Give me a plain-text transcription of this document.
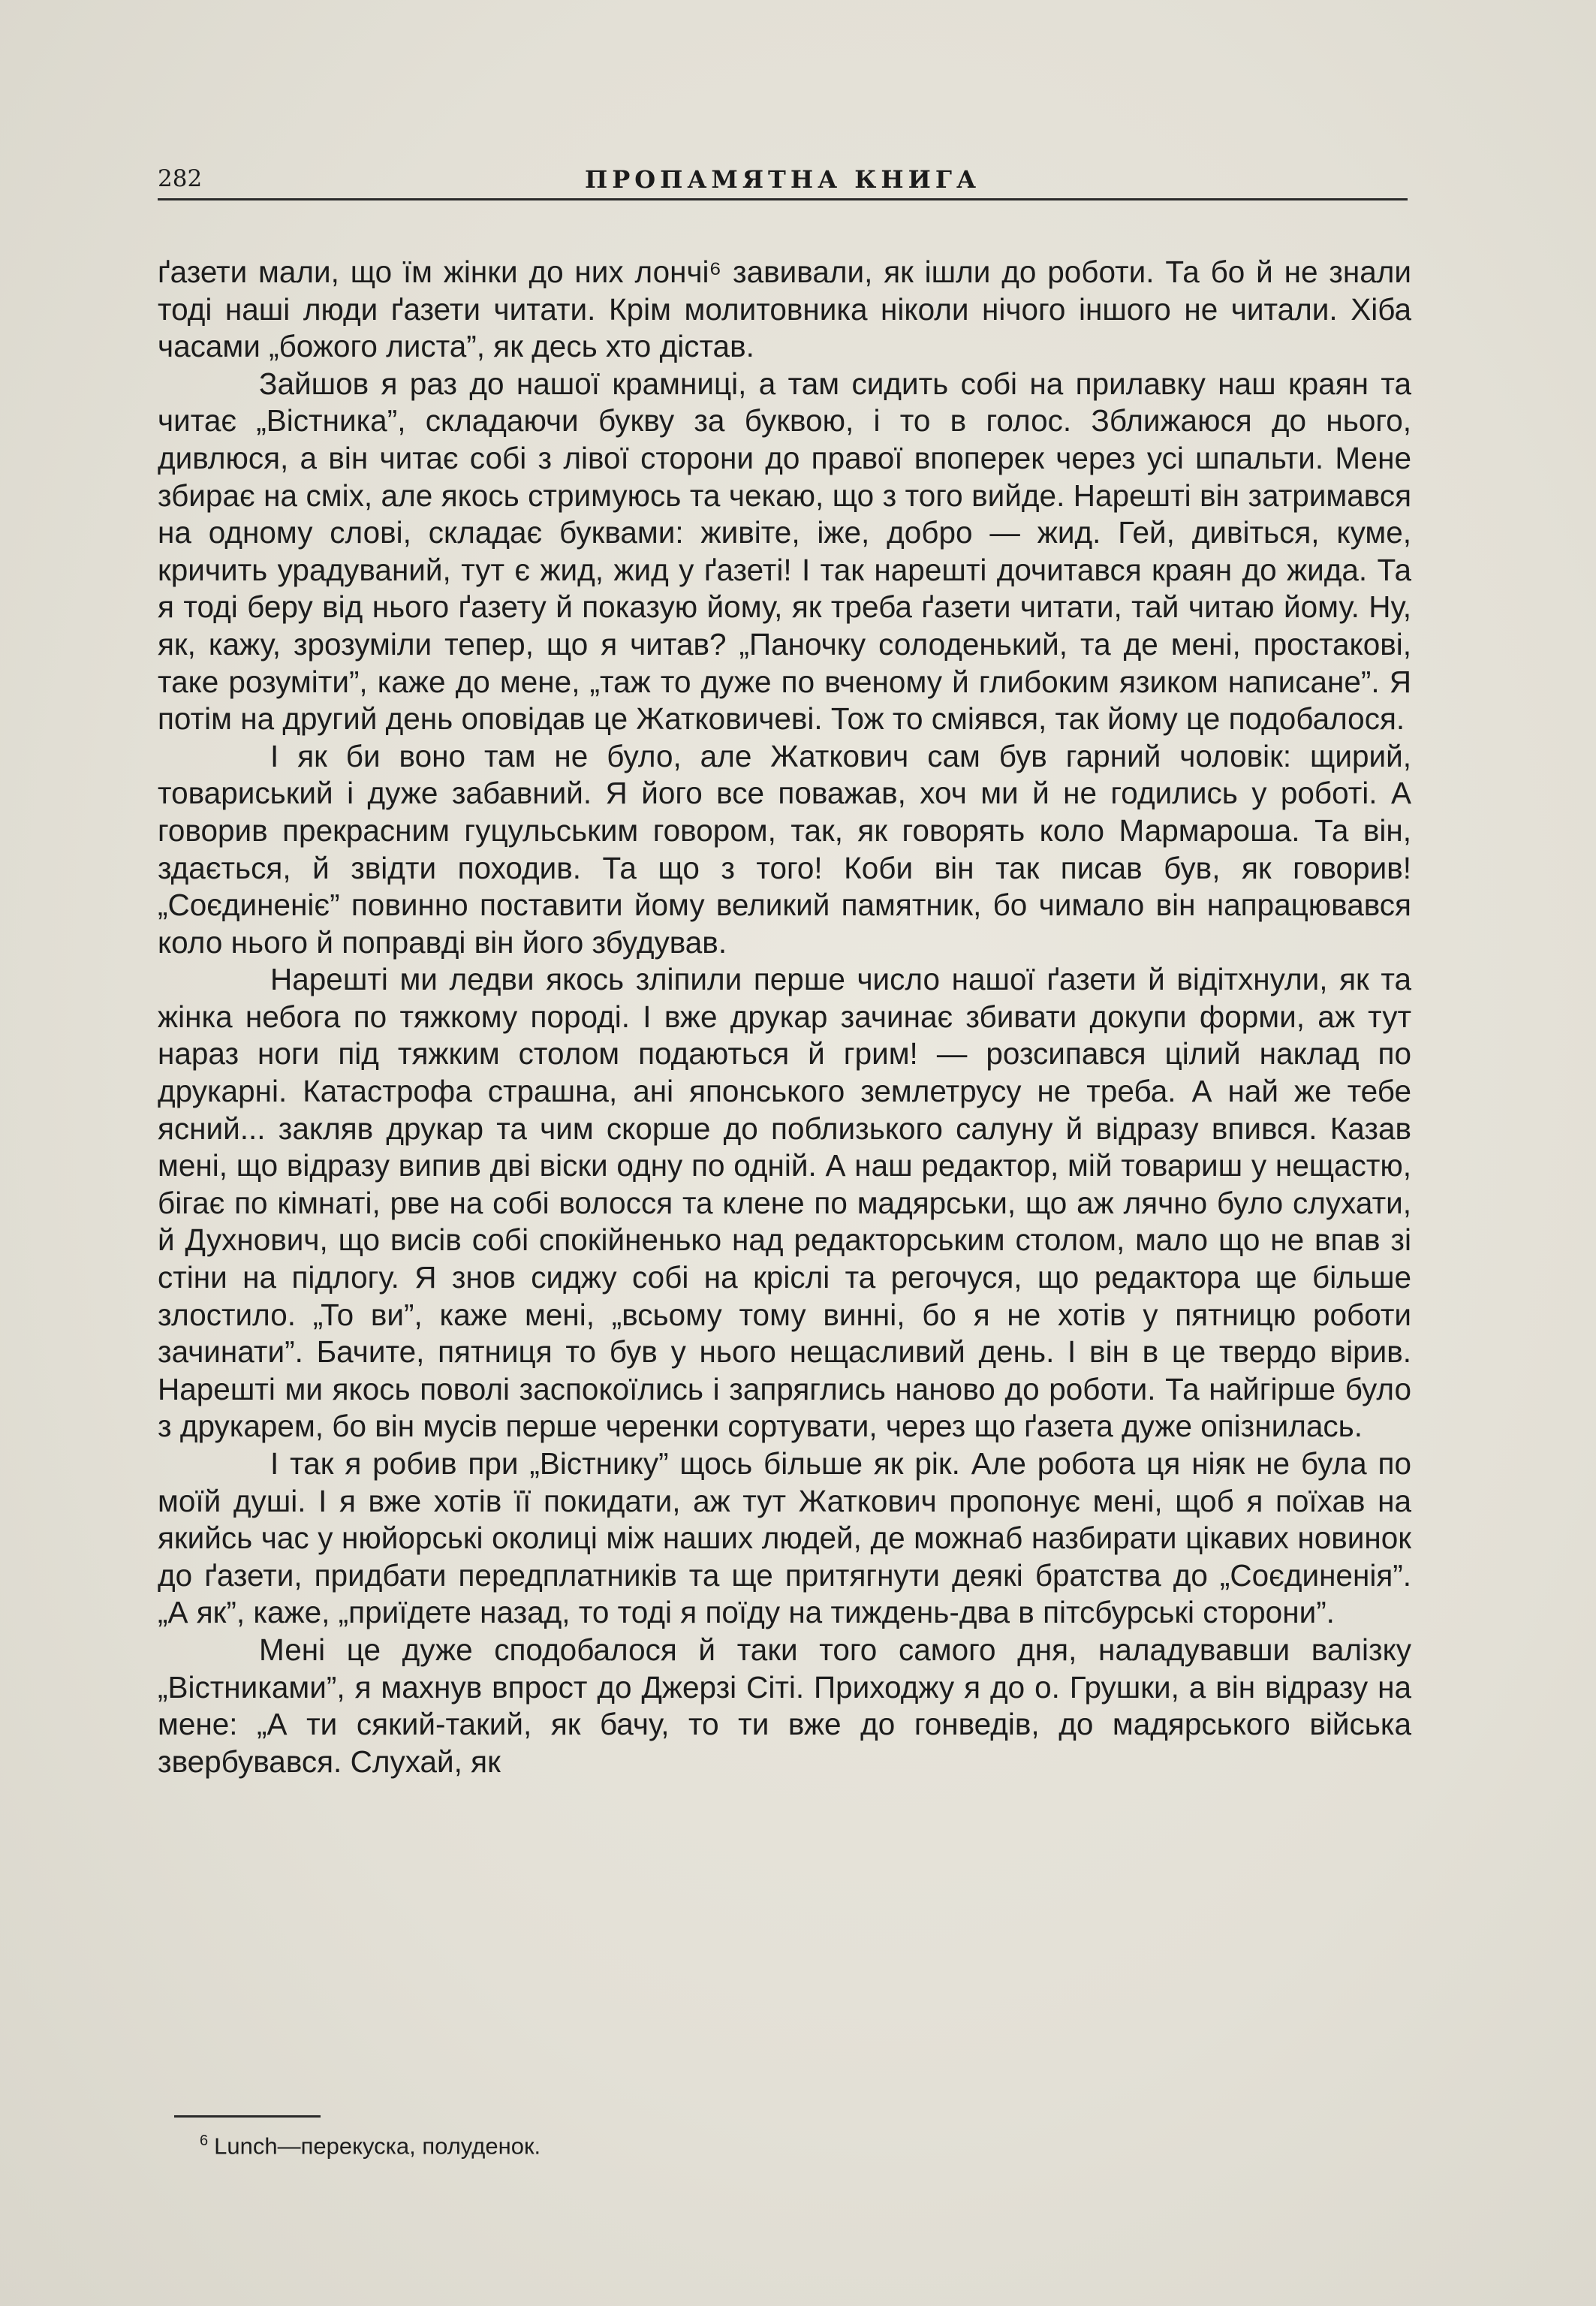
282	ПРОПАМЯТНА КНИГА

ґазети мали, що їм жінки до них лончі⁶ завивали, як ішли до роботи. Та бо й не знали тоді наші люди ґазети читати. Крім молитовника ніколи нічого іншого не читали. Хіба часами „божого листа”, як десь хто дістав.

Зайшов я раз до нашої крамниці, а там сидить собі на прилавку наш краян та читає „Вістника”, складаючи букву за буквою, і то в голос. Зближаюся до нього, дивлюся, а він читає собі з лівої сторони до правої впоперек через усі шпальти. Мене збирає на сміх, але якось стримуюсь та чекаю, що з того вийде. Нарешті він затримався на одному слові, складає буквами: живіте, іже, добро — жид. Гей, дивіться, куме, кричить урадуваний, тут є жид, жид у ґазеті! І так нарешті дочитався краян до жида. Та я тоді беру від нього ґазету й показую йому, як треба ґазети читати, тай читаю йому. Ну, як, кажу, зрозуміли тепер, що я читав? „Паночку солоденький, та де мені, простакові, таке розуміти”, каже до мене, „таж то дуже по вченому й глибоким язиком написане”. Я потім на другий день оповідав це Жатковичеві. Тож то сміявся, так йому це подобалося.

І як би воно там не було, але Жаткович сам був гарний чоловік: щирий, товариський і дуже забавний. Я його все поважав, хоч ми й не годились у роботі. А говорив прекрасним гуцульським говором, так, як говорять коло Мармароша. Та він, здається, й звідти походив. Та що з того! Коби він так писав був, як говорив! „Соєдиненіє” повинно поставити йому великий памятник, бо чимало він напрацювався коло нього й поправді він його збудував.

Нарешті ми ледви якось зліпили перше число нашої ґазети й відітхнули, як та жінка небога по тяжкому породі. І вже друкар зачинає збивати докупи форми, аж тут нараз ноги під тяжким столом подаються й грим! — розсипався цілий наклад по друкарні. Катастрофа страшна, ані японського землетрусу не треба. А най же тебе ясний... закляв друкар та чим скорше до поблизького салуну й відразу впився. Казав мені, що відразу випив дві віски одну по одній. А наш редактор, мій товариш у нещастю, бігає по кімнаті, рве на собі волосся та клене по мадярськи, що аж лячно було слухати, й Духнович, що висів собі спокійненько над редакторським столом, мало що не впав зі стіни на підлогу. Я знов сиджу собі на кріслі та регочуся, що редактора ще більше злостило. „То ви”, каже мені, „всьому тому винні, бо я не хотів у пятницю роботи зачинати”. Бачите, пятниця то був у нього нещасливий день. І він в це твердо вірив. Нарешті ми якось поволі заспокоїлись і запряглись наново до роботи. Та найгірше було з друкарем, бо він мусів перше черенки сортувати, через що ґазета дуже опізнилась.

І так я робив при „Вістнику” щось більше як рік. Але робота ця ніяк не була по моїй душі. І я вже хотів її покидати, аж тут Жаткович пропонує мені, щоб я поїхав на якийсь час у нюйорські околиці між наших людей, де можнаб назбирати цікавих новинок до ґазети, придбати передплатників та ще притягнути деякі братства до „Соєдиненія”. „А як”, каже, „приїдете назад, то тоді я поїду на тиждень-два в пітсбурські сторони”.

Мені це дуже сподобалося й таки того самого дня, наладувавши валізку „Вістниками”, я махнув впрост до Джерзі Сіті. Приходжу я до о. Грушки, а він відразу на мене: „А ти сякий-такий, як бачу, то ти вже до гонведів, до мадярського війська звербувався. Слухай, як

$^6$ Lunch—перекуска, полуденок.
